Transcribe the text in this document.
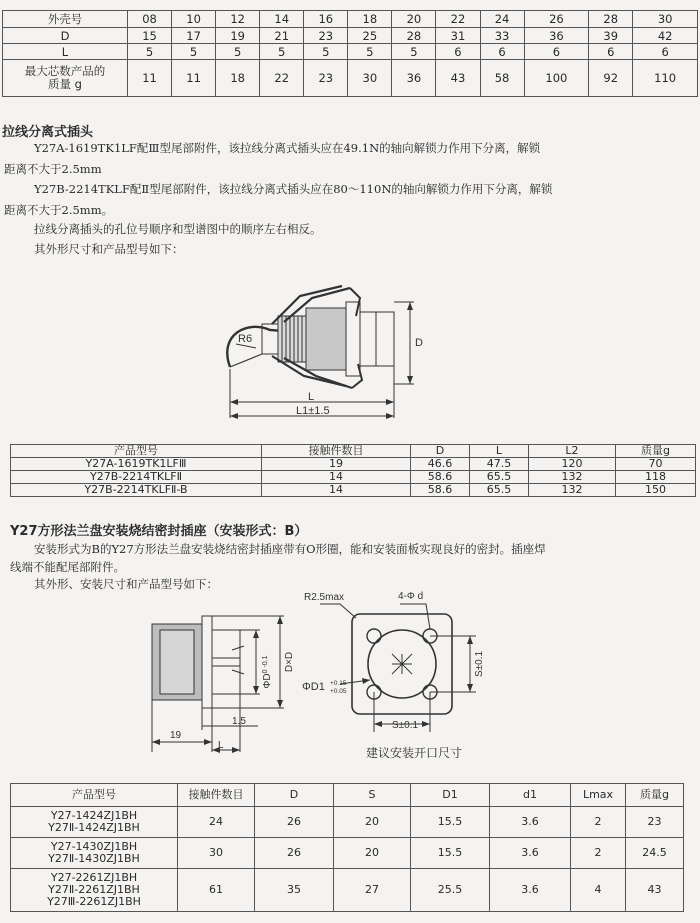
外壳号	08	10	12	14	16	18	20	22	24	26	28	30
D	15	17	19	21	23	25	28	31	33	36	39	42
L	5	5	5	5	5	5	5	6	6	6	6	6
最大芯数产品的
质量 g	11	11	18	22	23	30	36	43	58	100	92	110
拉线分离式插头
Y27A-1619TK1LF配Ⅲ型尾部附件，该拉线分离式插头应在49.1N的轴向解锁力作用下分离，解锁
距离不大于2.5mm
Y27B-2214TKLF配Ⅱ型尾部附件，该拉线分离式插头应在80～110N的轴向解锁力作用下分离，解锁
距离不大于2.5mm。
拉线分离插头的孔位号顺序和型谱图中的顺序左右相反。
其外形尺寸和产品型号如下：
R6	D
L
L1±1.5
产品型号	接触件数目	D	L	L2	质量g
Y27A-1619TK1LFⅢ	19	46.6	47.5	120	70
Y27B-2214TKLFⅡ	14	58.6	65.5	132	118
Y27B-2214TKLFⅡ-B	14	58.6	65.5	132	150
Y27方形法兰盘安装烧结密封插座（安装形式：B）
安装形式为B的Y27方形法兰盘安装烧结密封插座带有O形圈，能和安装面板实现良好的密封。插座焊
线端不能配尾部附件。
其外形、安装尺寸和产品型号如下：
$\Phi D^{0 -0.1}$	D×D
1.5
19
L
R2.5max	4-Φ d
S±0.1
S±0.1
ΦD1 +0.15
+0.05
建议安装开口尺寸
产品型号	接触件数目	D	S	D1	d1	Lmax	质量g
Y27-1424ZJ1BH
Y27Ⅱ-1424ZJ1BH	24	26	20	15.5	3.6	2	23
Y27-1430ZJ1BH
Y27Ⅱ-1430ZJ1BH	30	26	20	15.5	3.6	2	24.5
Y27-2261ZJ1BH
Y27Ⅱ-2261ZJ1BH
Y27Ⅲ-2261ZJ1BH	61	35	27	25.5	3.6	4	43
